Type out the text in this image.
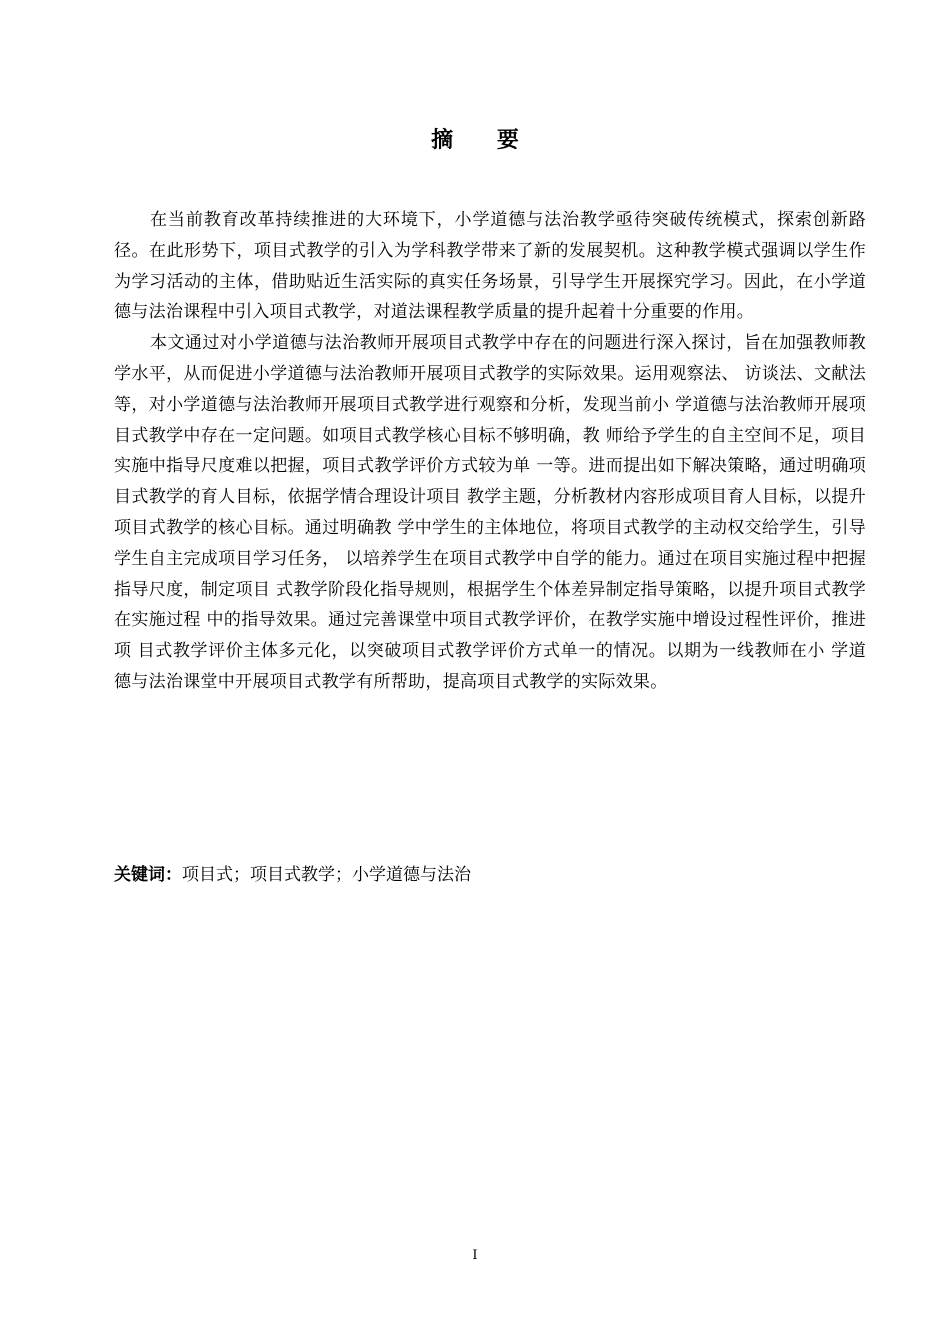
摘 要

在当前教育改革持续推进的大环境下，小学道德与法治教学亟待突破传统模式，探索创新路径。在此形势下，项目式教学的引入为学科教学带来了新的发展契机。这种教学模式强调以学生作为学习活动的主体，借助贴近生活实际的真实任务场景，引导学生开展探究学习。因此，在小学道德与法治课程中引入项目式教学，对道法课程教学质量的提升起着十分重要的作用。

本文通过对小学道德与法治教师开展项目式教学中存在的问题进行深入探讨，旨在加强教师教学水平，从而促进小学道德与法治教师开展项目式教学的实际效果。运用观察法、 访谈法、文献法等，对小学道德与法治教师开展项目式教学进行观察和分析，发现当前小 学道德与法治教师开展项目式教学中存在一定问题。如项目式教学核心目标不够明确，教 师给予学生的自主空间不足，项目实施中指导尺度难以把握，项目式教学评价方式较为单 一等。进而提出如下解决策略，通过明确项目式教学的育人目标，依据学情合理设计项目 教学主题，分析教材内容形成项目育人目标，以提升项目式教学的核心目标。通过明确教 学中学生的主体地位，将项目式教学的主动权交给学生，引导学生自主完成项目学习任务， 以培养学生在项目式教学中自学的能力。通过在项目实施过程中把握指导尺度，制定项目 式教学阶段化指导规则，根据学生个体差异制定指导策略，以提升项目式教学在实施过程 中的指导效果。通过完善课堂中项目式教学评价，在教学实施中增设过程性评价，推进项 目式教学评价主体多元化，以突破项目式教学评价方式单一的情况。以期为一线教师在小 学道德与法治课堂中开展项目式教学有所帮助，提高项目式教学的实际效果。

关键词：项目式；项目式教学；小学道德与法治
I
